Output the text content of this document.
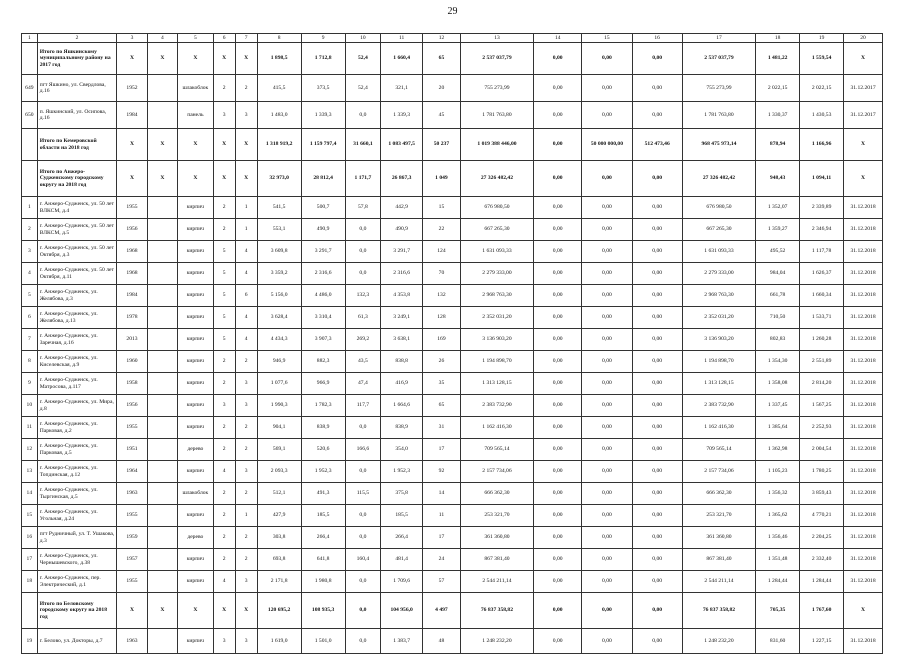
29
1	2	3	4	5	6	7	8	9	10	11	12	13	14	15	16	17	18	19	20
	Итого по Яшкинскому муниципальному району на 2017 год	X	X	X	X	X	1 898,5	1 712,8	52,4	1 660,4	65	2 537 037,79	0,00	0,00	0,00	2 537 037,79	1 481,22	1 559,54	X
649	пгт Яшкино, ул. Свердлова, д.16	1952		шлакоблок	2	2	415,5	373,5	52,4	321,1	20	755 273,99	0,00	0,00	0,00	755 273,99	2 022,15	2 022,15	31.12.2017
650	п. Яшкинский, ул. Осипова, д.16	1984		панель	3	3	1 483,0	1 339,3	0,0	1 339,3	45	1 781 763,80	0,00	0,00	0,00	1 781 763,80	1 330,37	1 430,53	31.12.2017
	Итого по Кемеровской области на 2018 год	X	X	X	X	X	1 318 919,2	1 159 797,4	31 660,1	1 083 497,5	50 237	1 019 388 446,00	0,00	50 000 000,00	512 473,46	968 475 973,14	878,94	1 166,96	X
	Итого по Анжеро-Судженскому городскому округу на 2018 год	X	X	X	X	X	32 973,0	28 812,4	1 171,7	26 867,3	1 049	27 326 482,42	0,00	0,00	0,00	27 326 482,42	948,43	1 094,11	X
1	г. Анжеро-Судженск, ул. 50 лет ВЛКСМ, д.4	1955		кирпич	2	1	541,5	500,7	57,8	442,9	15	676 980,50	0,00	0,00	0,00	676 980,50	1 352,07	2 339,89	31.12.2018
2	г. Анжеро-Судженск, ул. 50 лет ВЛКСМ, д.5	1956		кирпич	2	1	553,1	490,9	0,0	490,9	22	667 265,30	0,00	0,00	0,00	667 265,30	1 359,27	2 346,94	31.12.2018
3	г. Анжеро-Судженск, ул. 50 лет Октября, д.3	1968		кирпич	5	4	3 609,8	3 291,7	0,0	3 291,7	124	1 631 093,33	0,00	0,00	0,00	1 631 093,33	495,52	1 117,78	31.12.2018
4	г. Анжеро-Судженск, ул. 50 лет Октября, д.11	1968		кирпич	5	4	3 359,2	2 316,6	0,0	2 316,6	70	2 279 333,00	0,00	0,00	0,00	2 279 333,00	984,04	1 626,37	31.12.2018
5	г. Анжеро-Судженск, ул. Желябова, д.3	1984		кирпич	5	6	5 156,0	4 486,0	132,3	4 353,8	132	2 968 763,30	0,00	0,00	0,00	2 968 763,30	661,78	1 660,34	31.12.2018
6	г. Анжеро-Судженск, ул. Желябова, д.13	1978		кирпич	5	4	3 628,4	3 310,4	61,3	3 249,1	128	2 352 031,20	0,00	0,00	0,00	2 352 031,20	710,50	1 533,71	31.12.2018
7	г. Анжеро-Судженск, ул. Заречная, д.16	2013		кирпич	5	4	4 434,3	3 907,3	269,2	3 638,1	169	3 136 903,20	0,00	0,00	0,00	3 136 903,20	802,83	1 260,28	31.12.2018
8	г. Анжеро-Судженск, ул. Киселевская, д.9	1960		кирпич	2	2	946,9	882,3	43,5	838,8	26	1 194 898,70	0,00	0,00	0,00	1 194 898,70	1 354,30	2 551,89	31.12.2018
9	г. Анжеро-Судженск, ул. Матросова, д.117	1958		кирпич	2	3	1 077,6	966,9	47,4	416,9	35	1 313 128,15	0,00	0,00	0,00	1 313 128,15	1 358,08	2 814,20	31.12.2018
10	г. Анжеро-Судженск, ул. Мира, д.8	1956		кирпич	3	3	1 990,3	1 782,3	117,7	1 664,6	65	2 383 732,90	0,00	0,00	0,00	2 383 732,90	1 337,45	1 567,25	31.12.2018
11	г. Анжеро-Судженск, ул. Парковая, д.2	1955		кирпич	2	2	904,1	838,9	0,0	838,9	31	1 162 416,30	0,00	0,00	0,00	1 162 416,30	1 385,64	2 252,93	31.12.2018
12	г. Анжеро-Судженск, ул. Парковая, д.5	1951		дерево	2	2	569,1	520,6	166,6	354,0	17	709 565,14	0,00	0,00	0,00	709 565,14	1 362,98	2 004,54	31.12.2018
13	г. Анжеро-Судженск, ул. Топдинская, д.12	1964		кирпич	4	3	2 093,3	1 952,3	0,0	1 952,3	92	2 157 734,06	0,00	0,00	0,00	2 157 734,06	1 105,23	1 780,25	31.12.2018
14	г. Анжеро-Судженск, ул. Тыргинская, д.5	1963		шлакоблок	2	2	512,1	491,3	115,5	375,8	14	666 362,30	0,00	0,00	0,00	666 362,30	1 356,32	3 859,43	31.12.2018
15	г. Анжеро-Судженск, ул. Угольная, д.24	1955		кирпич	2	1	427,9	185,5	0,0	185,5	11	253 321,70	0,00	0,00	0,00	253 321,70	1 365,62	4 770,21	31.12.2018
16	пгт Рудничный, ул. Т. Ушакова, д.3	1959		дерево	2	2	303,8	266,4	0,0	266,4	17	361 360,80	0,00	0,00	0,00	361 360,80	1 356,46	2 204,25	31.12.2018
17	г. Анжеро-Судженск, ул. Чернышевского, д.38	1957		кирпич	2	2	693,8	641,8	160,4	481,4	24	867 381,40	0,00	0,00	0,00	867 381,40	1 351,48	2 332,40	31.12.2018
18	г. Анжеро-Судженск, пер. Электрический, д.1	1955		кирпич	4	3	2 171,8	1 980,8	0,0	1 709,6	57	2 544 211,14	0,00	0,00	0,00	2 544 211,14	1 284,44	1 284,44	31.12.2018
	Итого по Беловскому городскому округу на 2018 год	X	X	X	X	X	120 695,2	108 935,3	0,0	104 956,0	4 497	76 837 358,82	0,00	0,00	0,00	76 837 358,82	705,35	1 767,60	X
19	г. Белово, ул. Докторы, д.7	1963		кирпич	3	3	1 619,0	1 501,0	0,0	1 383,7	48	1 248 232,20	0,00	0,00	0,00	1 248 232,20	831,60	1 227,15	31.12.2018
